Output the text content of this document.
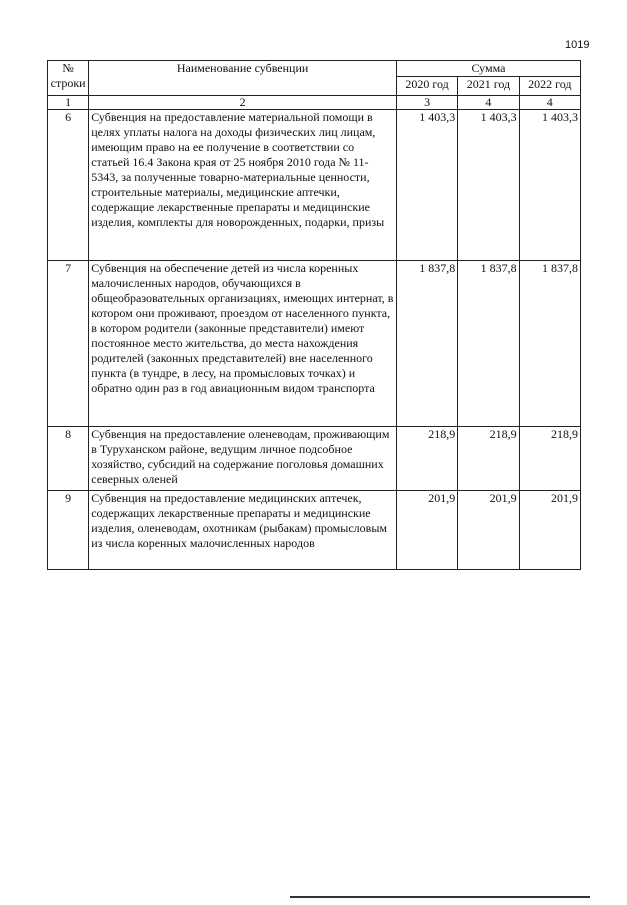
1019
№ строки	Наименование субвенции	Сумма		
		2020 год	2021 год	2022 год
1	2	3	4	4
6	Субвенция на предоставление материальной помощи в целях уплаты налога на доходы физических лиц лицам, имеющим право на ее получение в соответствии со статьей 16.4 Закона края от 25 ноября 2010 года № 11-5343, за полученные товарно-материальные ценности, строительные материалы, медицинские аптечки, содержащие лекарственные препараты и медицинские изделия, комплекты для новорожденных, подарки, призы	1 403,3	1 403,3	1 403,3
7	Субвенция на обеспечение детей из числа коренных малочисленных народов, обучающихся в общеобразовательных организациях, имеющих интернат, в котором они проживают, проездом от населенного пункта, в котором родители (законные представители) имеют постоянное место жительства, до места нахождения родителей (законных представителей) вне населенного пункта (в тундре, в лесу, на промысловых точках) и обратно один раз в год авиационным видом транспорта	1 837,8	1 837,8	1 837,8
8	Субвенция на предоставление оленеводам, проживающим в Туруханском районе, ведущим личное подсобное хозяйство, субсидий на содержание поголовья домашних северных оленей	218,9	218,9	218,9
9	Субвенция на предоставление медицинских аптечек, содержащих лекарственные препараты и медицинские изделия, оленеводам, охотникам (рыбакам) промысловым из числа коренных малочисленных народов	201,9	201,9	201,9
